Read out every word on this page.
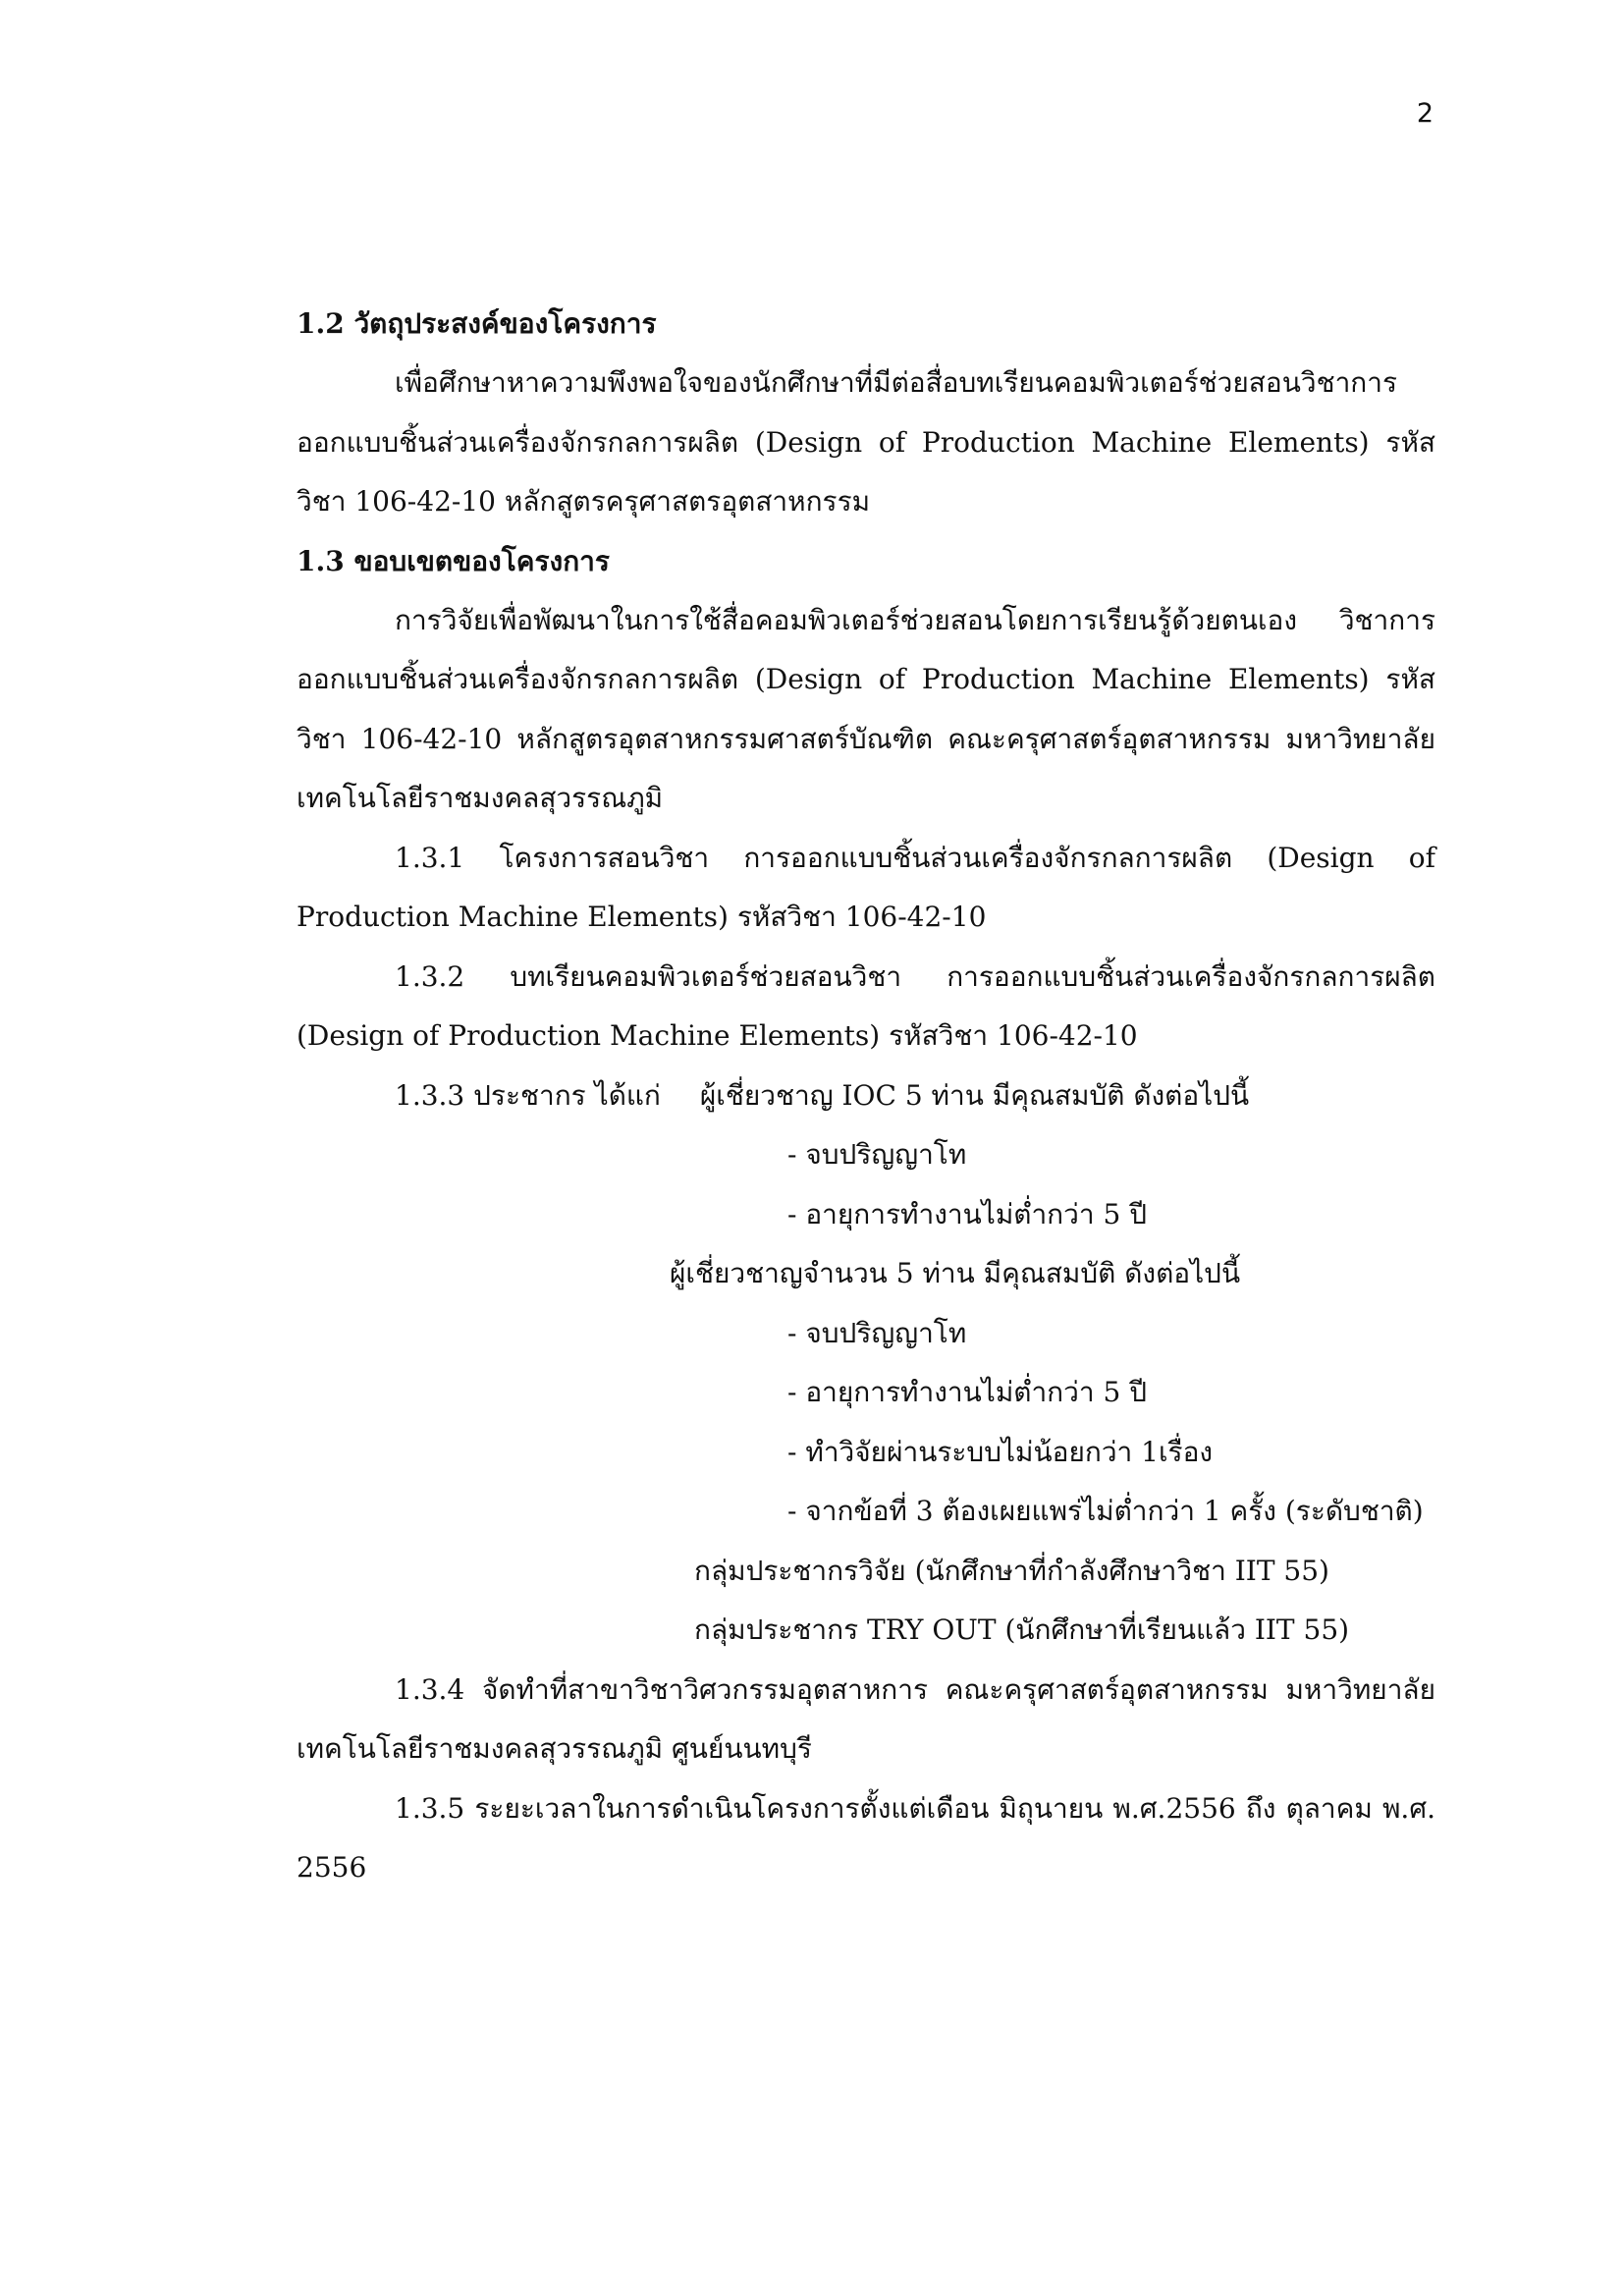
2
1.2 วัตถุประสงค์ของโครงการ

เพื่อศึกษาหาความพึงพอใจของนักศึกษาที่มีต่อสื่อบทเรียนคอมพิวเตอร์ช่วยสอนวิชาการออกแบบชิ้นส่วนเครื่องจักรกลการผลิต (Design of Production Machine Elements) รหัสวิชา 106-42-10 หลักสูตรครุศาสตรอุตสาหกรรม

1.3 ขอบเขตของโครงการ

การวิจัยเพื่อพัฒนาในการใช้สื่อคอมพิวเตอร์ช่วยสอนโดยการเรียนรู้ด้วยตนเอง วิชาการออกแบบชิ้นส่วนเครื่องจักรกลการผลิต (Design of Production Machine Elements) รหัสวิชา 106-42-10 หลักสูตรอุตสาหกรรมศาสตร์บัณฑิต คณะครุศาสตร์อุตสาหกรรม มหาวิทยาลัยเทคโนโลยีราชมงคลสุวรรณภูมิ

1.3.1 โครงการสอนวิชา การออกแบบชิ้นส่วนเครื่องจักรกลการผลิต (Design of Production Machine Elements) รหัสวิชา 106-42-10

1.3.2 บทเรียนคอมพิวเตอร์ช่วยสอนวิชา การออกแบบชิ้นส่วนเครื่องจักรกลการผลิต (Design of Production Machine Elements) รหัสวิชา 106-42-10

1.3.3 ประชากร ได้แก่ ผู้เชี่ยวชาญ IOC 5 ท่าน มีคุณสมบัติ ดังต่อไปนี้
- จบปริญญาโท
- อายุการทำงานไม่ต่ำกว่า 5 ปี
ผู้เชี่ยวชาญจำนวน 5 ท่าน มีคุณสมบัติ ดังต่อไปนี้
- จบปริญญาโท
- อายุการทำงานไม่ต่ำกว่า 5 ปี
- ทำวิจัยผ่านระบบไม่น้อยกว่า 1เรื่อง
- จากข้อที่ 3 ต้องเผยแพร่ไม่ต่ำกว่า 1 ครั้ง (ระดับชาติ)
กลุ่มประชากรวิจัย (นักศึกษาที่กำลังศึกษาวิชา IIT 55)
กลุ่มประชากร TRY OUT (นักศึกษาที่เรียนแล้ว IIT 55)

1.3.4 จัดทำที่สาขาวิชาวิศวกรรมอุตสาหการ คณะครุศาสตร์อุตสาหกรรม มหาวิทยาลัยเทคโนโลยีราชมงคลสุวรรณภูมิ ศูนย์นนทบุรี

1.3.5 ระยะเวลาในการดำเนินโครงการตั้งแต่เดือน มิถุนายน พ.ศ.2556 ถึง ตุลาคม พ.ศ. 2556
